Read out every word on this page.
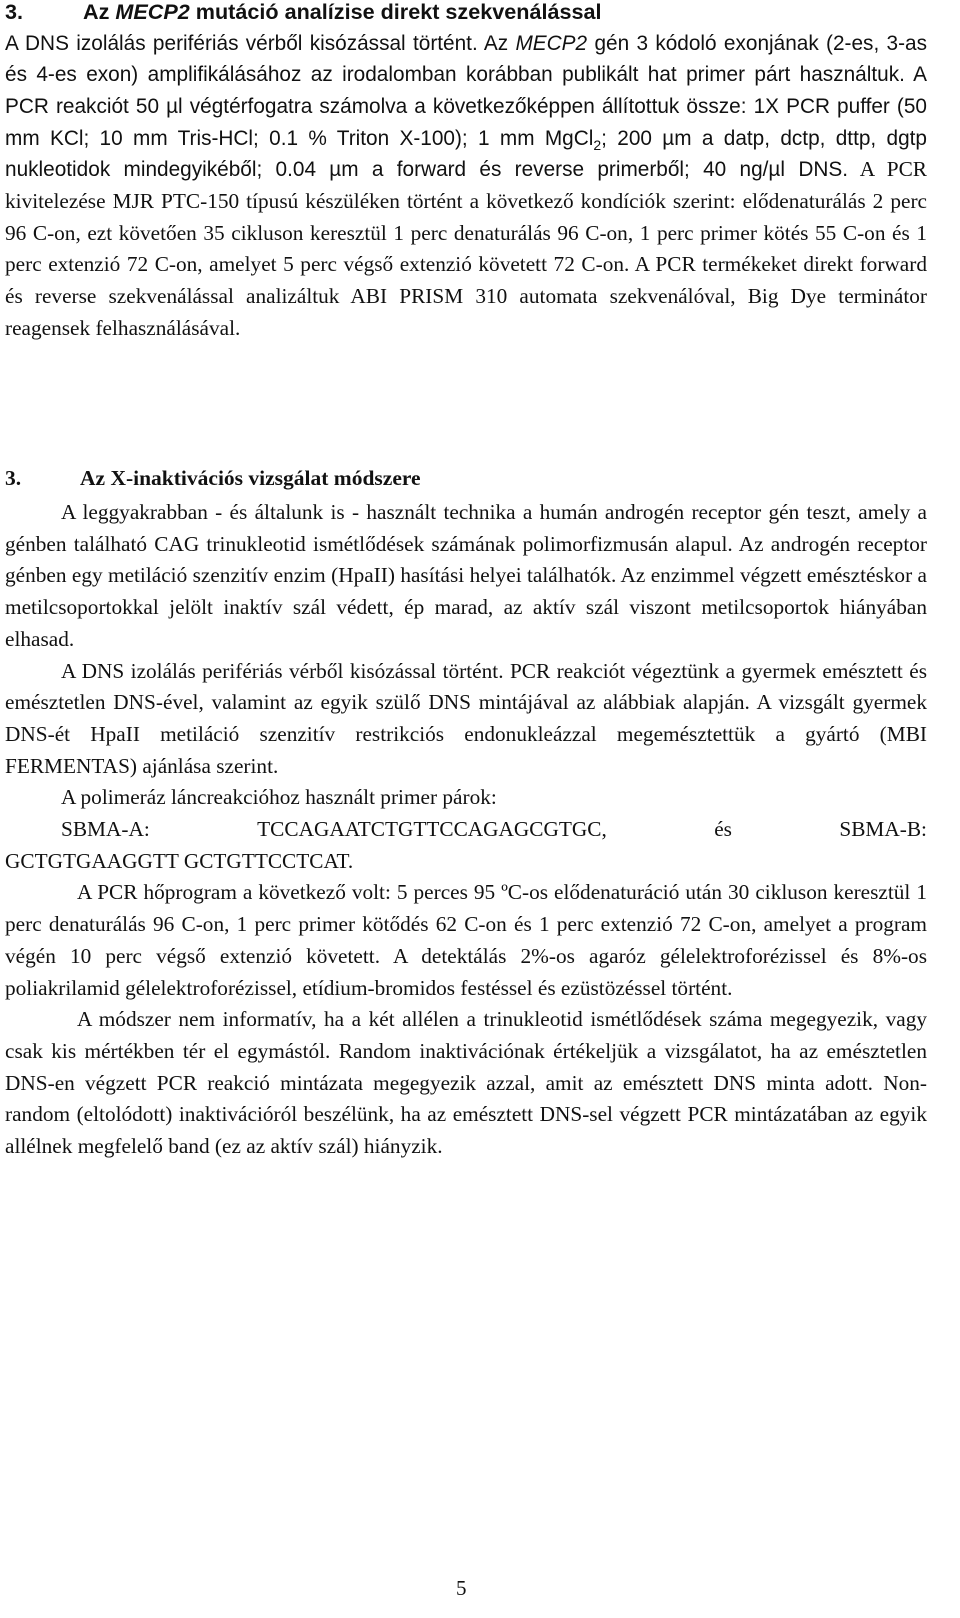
3.	Az MECP2 mutáció analízise direkt szekvenálással

A DNS izolálás perifériás vérből kisózással történt. Az MECP2 gén 3 kódoló exonjának (2-es, 3-as és 4-es exon) amplifikálásához az irodalomban korábban publikált hat primer párt használtuk. A PCR reakciót 50 µl végtérfogatra számolva a következőképpen állítottuk össze: 1X PCR puffer (50 mm KCl; 10 mm Tris-HCl; 0.1 % Triton X-100); 1 mm MgCl$_2$; 200 µm a datp, dctp, dttp, dgtp nukleotidok mindegyikéből; 0.04 µm a forward és reverse primerből; 40 ng/µl DNS. A PCR kivitelezése MJR PTC-150 típusú készüléken történt a következő kondíciók szerint: elődenaturálás 2 perc 96 C-on, ezt követően 35 cikluson keresztül 1 perc denaturálás 96 C-on, 1 perc primer kötés 55 C-on és 1 perc extenzió 72 C-on, amelyet 5 perc végső extenzió követett 72 C-on. A PCR termékeket direkt forward és reverse szekvenálással analizáltuk ABI PRISM 310 automata szekvenálóval, Big Dye terminátor reagensek felhasználásával.

3.	Az X-inaktivációs vizsgálat módszere

A leggyakrabban - és általunk is - használt technika a humán androgén receptor gén teszt, amely a génben található CAG trinukleotid ismétlődések számának polimorfizmusán alapul. Az androgén receptor génben egy metiláció szenzitív enzim (HpaII) hasítási helyei találhatók. Az enzimmel végzett emésztéskor a metilcsoportokkal jelölt inaktív szál védett, ép marad, az aktív szál viszont metilcsoportok hiányában elhasad.

A DNS izolálás perifériás vérből kisózással történt. PCR reakciót végeztünk a gyermek emésztett és emésztetlen DNS-ével, valamint az egyik szülő DNS mintájával az alábbiak alapján. A vizsgált gyermek DNS-ét HpaII metiláció szenzitív restrikciós endonukleázzal megemésztettük a gyártó (MBI FERMENTAS) ajánlása szerint.

A polimeráz láncreakcióhoz használt primer párok:

SBMA-A:	TCCAGAATCTGTTCCAGAGCGTGC,	és	SBMA-B:

GCTGTGAAGGTT GCTGTTCCTCAT.

A PCR hőprogram a következő volt: 5 perces 95 ºC-os elődenaturáció után 30 cikluson keresztül 1 perc denaturálás 96 C-on, 1 perc primer kötődés 62 C-on és 1 perc extenzió 72 C-on, amelyet a program végén 10 perc végső extenzió követett. A detektálás 2%-os agaróz gélelektroforézissel és 8%-os poliakrilamid gélelektroforézissel, etídium-bromidos festéssel és ezüstözéssel történt.

A módszer nem informatív, ha a két allélen a trinukleotid ismétlődések száma megegyezik, vagy csak kis mértékben tér el egymástól. Random inaktivációnak értékeljük a vizsgálatot, ha az emésztetlen DNS-en végzett PCR reakció mintázata megegyezik azzal, amit az emésztett DNS minta adott. Non-random (eltolódott) inaktivációról beszélünk, ha az emésztett DNS-sel végzett PCR mintázatában az egyik allélnek megfelelő band (ez az aktív szál) hiányzik.

5
